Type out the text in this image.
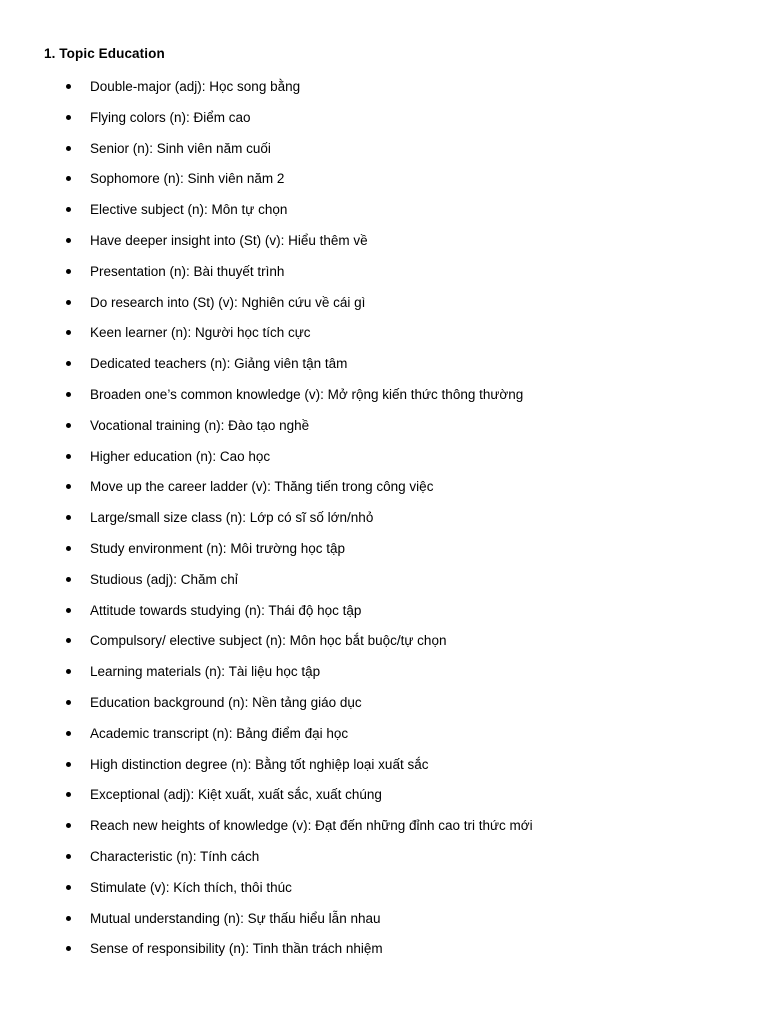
1. Topic Education
Double-major (adj): Học song bằng
Flying colors (n): Điểm cao
Senior (n): Sinh viên năm cuối
Sophomore (n): Sinh viên năm 2
Elective subject (n): Môn tự chọn
Have deeper insight into (St) (v): Hiểu thêm về
Presentation (n): Bài thuyết trình
Do research into (St) (v): Nghiên cứu về cái gì
Keen learner (n): Người học tích cực
Dedicated teachers (n): Giảng viên tận tâm
Broaden one’s common knowledge (v): Mở rộng kiến thức thông thường
Vocational training (n): Đào tạo nghề
Higher education (n): Cao học
Move up the career ladder (v): Thăng tiến trong công việc
Large/small size class (n): Lớp có sĩ số lớn/nhỏ
Study environment (n): Môi trường học tập
Studious (adj): Chăm chỉ
Attitude towards studying (n): Thái độ học tập
Compulsory/ elective subject (n): Môn học bắt buộc/tự chọn
Learning materials (n): Tài liệu học tập
Education background (n): Nền tảng giáo dục
Academic transcript (n): Bảng điểm đại học
High distinction degree (n): Bằng tốt nghiệp loại xuất sắc
Exceptional (adj): Kiệt xuất, xuất sắc, xuất chúng
Reach new heights of knowledge (v): Đạt đến những đỉnh cao tri thức mới
Characteristic (n): Tính cách
Stimulate (v): Kích thích, thôi thúc
Mutual understanding (n): Sự thấu hiểu lẫn nhau
Sense of responsibility (n): Tinh thần trách nhiệm
